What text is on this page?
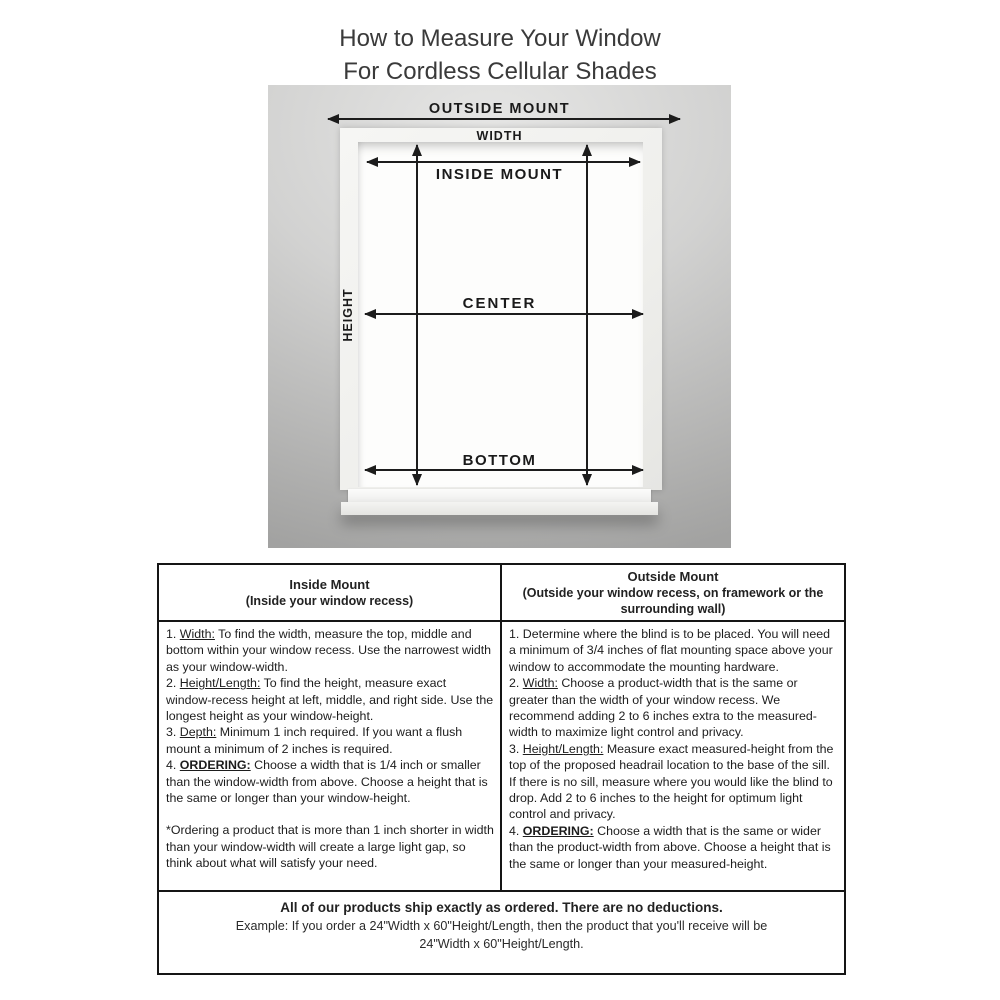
How to Measure Your Window
For Cordless Cellular Shades
OUTSIDE MOUNT
WIDTH
INSIDE MOUNT
CENTER
BOTTOM
HEIGHT
Inside Mount
(Inside your window recess)
Outside Mount
(Outside your window recess, on framework or the surrounding wall)
1. Width: To find the width, measure the top, middle and bottom within your window recess. Use the narrowest width as your window-width.
2. Height/Length: To find the height, measure exact window-recess height at left, middle, and right side. Use the longest height as your window-height.
3. Depth: Minimum 1 inch required. If you want a flush mount a minimum of 2 inches is required.
4. ORDERING: Choose a width that is 1/4 inch or smaller than the window-width from above. Choose a height that is the same or longer than your window-height.
*Ordering a product that is more than 1 inch shorter in width than your window-width will create a large light gap, so think about what will satisfy your need.
1. Determine where the blind is to be placed. You will need a minimum of 3/4 inches of flat mounting space above your window to accommodate the mounting hardware.
2. Width: Choose a product-width that is the same or greater than the width of your window recess. We recommend adding 2 to 6 inches extra to the measured-width to maximize light control and privacy.
3. Height/Length: Measure exact measured-height from the top of the proposed headrail location to the base of the sill. If there is no sill, measure where you would like the blind to drop. Add 2 to 6 inches to the height for optimum light control and privacy.
4. ORDERING: Choose a width that is the same or wider than the product-width from above. Choose a height that is the same or longer than your measured-height.
All of our products ship exactly as ordered. There are no deductions.
Example: If you order a 24"Width x 60"Height/Length, then the product that you'll receive will be
24"Width x 60"Height/Length.
